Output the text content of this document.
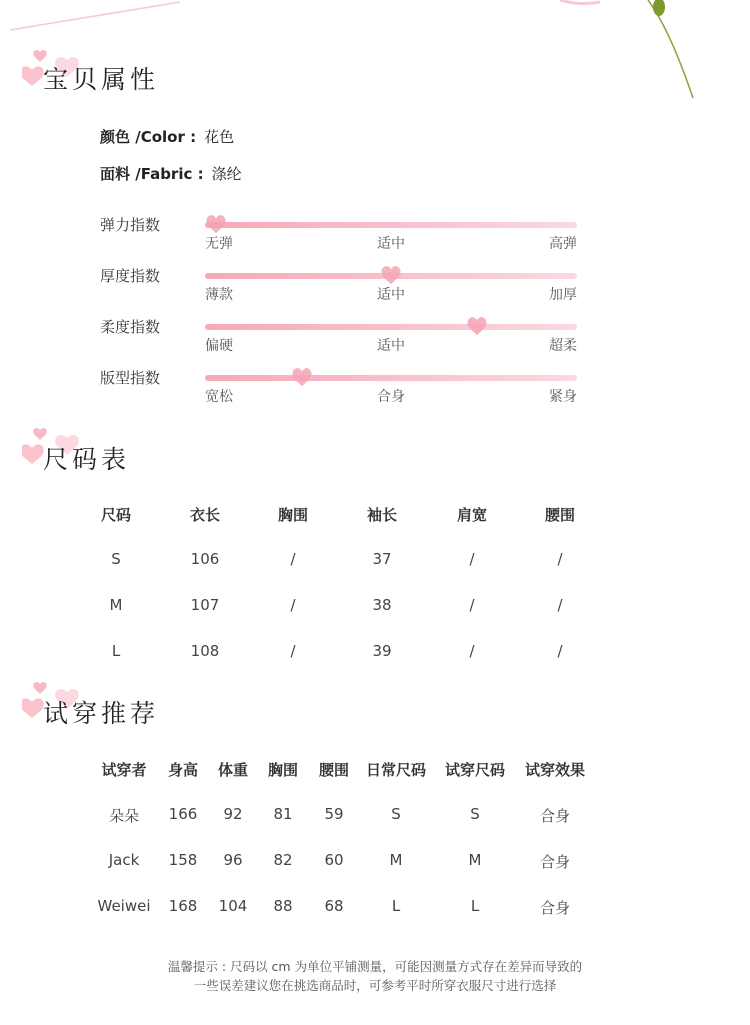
宝贝属性
颜色 /Color : 花色
面料 /Fabric : 涤纶
弹力指数
无弹	适中	高弹
厚度指数
薄款	适中	加厚
柔度指数
偏硬	适中	超柔
版型指数
宽松	合身	紧身
尺码表
尺码	衣长	胸围	袖长	肩宽	腰围
S	106	/	37	/	/
M	107	/	38	/	/
L	108	/	39	/	/
试穿推荐
试穿者 身高 体重 胸围 腰围 日常尺码 试穿尺码 试穿效果
朵朵 166 92 81 59	S	S	合身
Jack 158 96 82 60	M	M	合身
Weiwei 168 104 88 68	L	L	合身
温馨提示 : 尺码以 cm 为单位平铺测量，可能因测量方式存在差异而导致的
一些误差建议您在挑选商品时，可参考平时所穿衣服尺寸进行选择
